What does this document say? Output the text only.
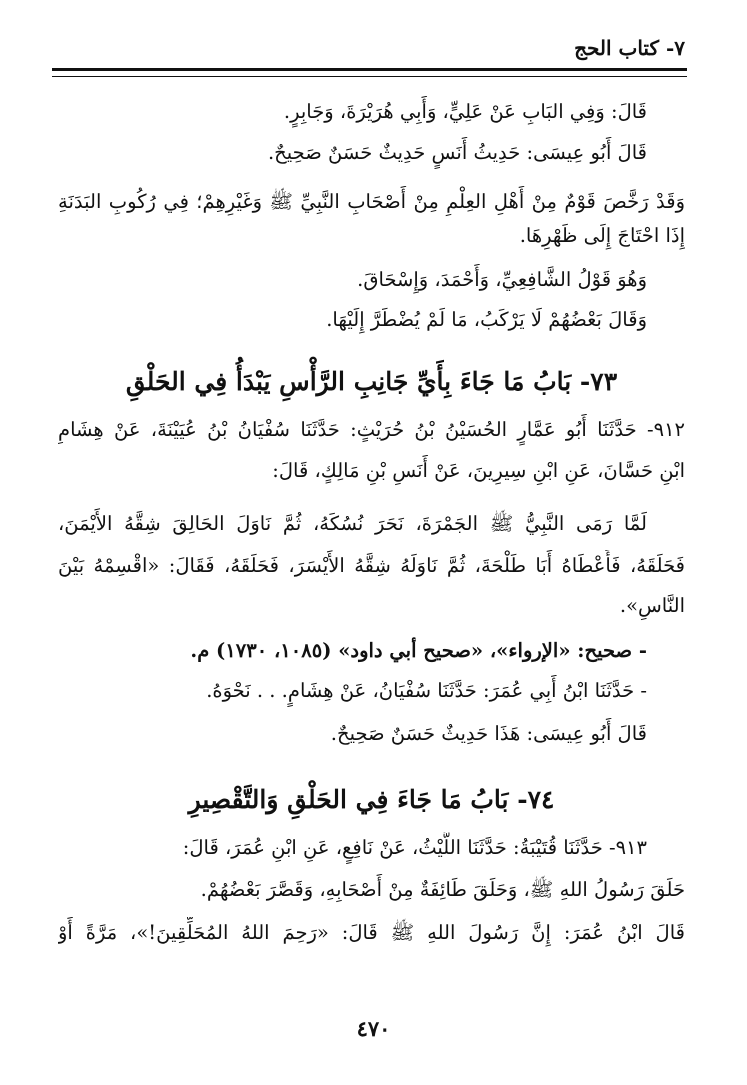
٧- كتاب الحج
قَالَ: وَفِي البَابِ عَنْ عَلِيٍّ، وَأَبِي هُرَيْرَةَ، وَجَابِرٍ.
قَالَ أَبُو عِيسَى: حَدِيثُ أَنَسٍ حَدِيثٌ حَسَنٌ صَحِيحٌ.
وَقَدْ رَخَّصَ قَوْمٌ مِنْ أَهْلِ العِلْمِ مِنْ أَصْحَابِ النَّبِيِّ ﷺ وَغَيْرِهِمْ؛ فِي رُكُوبِ البَدَنَةِ
إِذَا احْتَاجَ إِلَى ظَهْرِهَا.
وَهُوَ قَوْلُ الشَّافِعِيِّ، وَأَحْمَدَ، وَإِسْحَاقَ.
وَقَالَ بَعْضُهُمْ لَا يَرْكَبُ، مَا لَمْ يُضْطَرَّ إِلَيْهَا.
٧٣- بَابُ مَا جَاءَ بِأَيِّ جَانِبِ الرَّأْسِ يَبْدَأُ فِي الحَلْقِ
٩١٢- حَدَّثَنَا أَبُو عَمَّارٍ الحُسَيْنُ بْنُ حُرَيْثٍ: حَدَّثَنَا سُفْيَانُ بْنُ عُيَيْنَةَ، عَنْ هِشَامِ
ابْنِ حَسَّانَ، عَنِ ابْنِ سِيرِينَ، عَنْ أَنَسِ بْنِ مَالِكٍ، قَالَ:
لَمَّا رَمَى النَّبِيُّ ﷺ الجَمْرَةَ، نَحَرَ نُسُكَهُ، ثُمَّ نَاوَلَ الحَالِقَ شِقَّهُ الأَيْمَنَ،
فَحَلَقَهُ، فَأَعْطَاهُ أَبَا طَلْحَةَ، ثُمَّ نَاوَلَهُ شِقَّهُ الأَيْسَرَ، فَحَلَقَهُ، فَقَالَ: «اقْسِمْهُ بَيْنَ
النَّاسِ».
- صحيح: «الإرواء»، «صحيح أبي داود» (١٠٨٥، ١٧٣٠) م.
- حَدَّثَنَا ابْنُ أَبِي عُمَرَ: حَدَّثَنَا سُفْيَانُ، عَنْ هِشَامٍ. . . نَحْوَهُ.
قَالَ أَبُو عِيسَى: هَذَا حَدِيثٌ حَسَنٌ صَحِيحٌ.
٧٤- بَابُ مَا جَاءَ فِي الحَلْقِ وَالتَّقْصِيرِ
٩١٣- حَدَّثَنَا قُتَيْبَةُ: حَدَّثَنَا اللَّيْثُ، عَنْ نَافِعٍ، عَنِ ابْنِ عُمَرَ، قَالَ:
حَلَقَ رَسُولُ اللهِ ﷺ، وَحَلَقَ طَائِفَةٌ مِنْ أَصْحَابِهِ، وَقَصَّرَ بَعْضُهُمْ.
قَالَ ابْنُ عُمَرَ: إِنَّ رَسُولَ اللهِ ﷺ قَالَ: «رَحِمَ اللهُ المُحَلِّقِينَ!»، مَرَّةً أَوْ
٤٧٠
